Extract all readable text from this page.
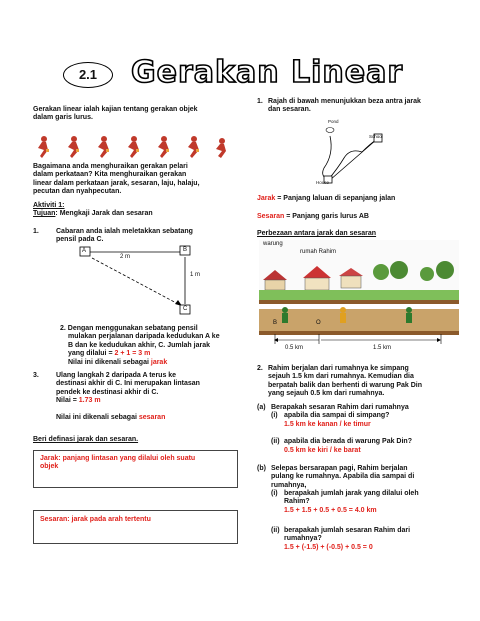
2.1	Gerakan Linear
Gerakan linear ialah kajian tentang gerakan objek
dalam garis lurus.
Bagaimana anda menghuraikan gerakan pelari
dalam perkataan? Kita menghuraikan gerakan
linear dalam perkataan jarak, sesaran, laju, halaju,
pecutan dan nyahpecutan.
Aktiviti 1:
Tujuan: Mengkaji Jarak dan sesaran
1. Cabaran anda ialah meletakkan sebatang
pensil pada C.
A	B
C
2 m
1 m
2. Dengan menggunakan sebatang pensil
mulakan perjalanan daripada kedudukan A ke
B dan ke kedudukan akhir, C. Jumlah jarak
yang dilalui = 2 + 1 = 3 m
Nilai ini dikenali sebagai jarak
3. Ulang langkah 2 daripada A terus ke
destinasi akhir di C. Ini merupakan lintasan
pendek ke destinasi akhir di C.
Nilai = 1.73 m
Nilai ini dikenali sebagai sesaran
Beri definasi jarak dan sesaran.
Jarak: panjang lintasan yang dilalui oleh suatu
objek
Sesaran: jarak pada arah tertentu
1. Rajah di bawah menunjukkan beza antra jarak
dan sesaran.
Pond
School
House
Jarak = Panjang laluan di sepanjang jalan
Sesaran = Panjang garis lurus AB
Perbezaan antara jarak dan sesaran
warung
rumah Rahim
B	O
0.5 km	1.5 km
2. Rahim berjalan dari rumahnya ke simpang
sejauh 1.5 km dari rumahnya. Kemudian dia
berpatah balik dan berhenti di warung Pak Din
yang sejauh 0.5 km dari rumahnya.
(a) Berapakah sesaran Rahim dari rumahnya
(i) apabila dia sampai di simpang?
1.5 km ke kanan / ke timur
(ii) apabila dia berada di warung Pak Din?
0.5 km ke kiri / ke barat
(b) Selepas bersarapan pagi, Rahim berjalan
pulang ke rumahnya. Apabila dia sampai di
rumahnya,
(i) berapakah jumlah jarak yang dilalui oleh
Rahim?
1.5 + 1.5 + 0.5 + 0.5 = 4.0 km
(ii) berapakah jumlah sesaran Rahim dari
rumahnya?
1.5 + (-1.5) + (-0.5) + 0.5 = 0
